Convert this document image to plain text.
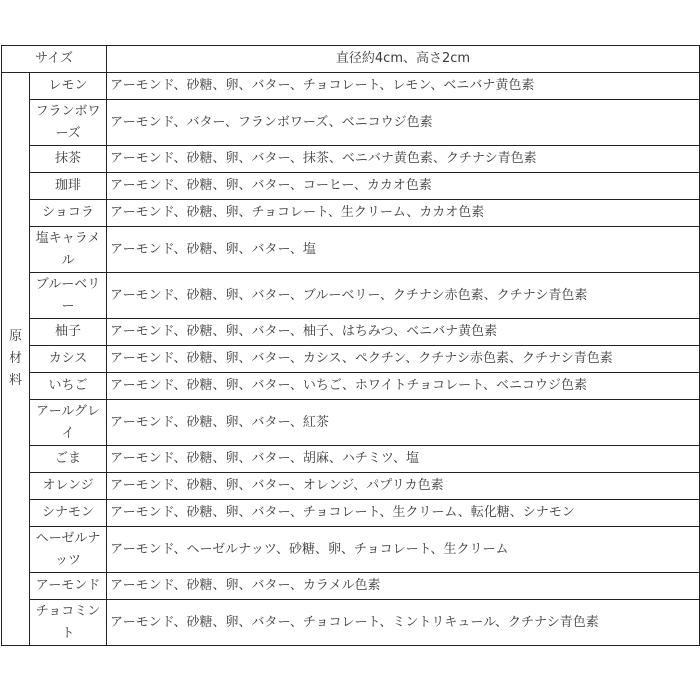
サイズ		直径約4cm、高さ2cm
原材料	レモン	アーモンド、砂糖、卵、バター、チョコレート、レモン、ベニバナ黄色素
	フランボワーズ	アーモンド、バター、フランボワーズ、ベニコウジ色素
	抹茶	アーモンド、砂糖、卵、バター、抹茶、ベニバナ黄色素、クチナシ青色素
	珈琲	アーモンド、砂糖、卵、バター、コーヒー、カカオ色素
	ショコラ	アーモンド、砂糖、卵、チョコレート、生クリーム、カカオ色素
	塩キャラメル	アーモンド、砂糖、卵、バター、塩
	ブルーベリー	アーモンド、砂糖、卵、バター、ブルーベリー、クチナシ赤色素、クチナシ青色素
	柚子	アーモンド、砂糖、卵、バター、柚子、はちみつ、ベニバナ黄色素
	カシス	アーモンド、砂糖、卵、バター、カシス、ペクチン、クチナシ赤色素、クチナシ青色素
	いちご	アーモンド、砂糖、卵、バター、いちご、ホワイトチョコレート、ベニコウジ色素
	アールグレイ	アーモンド、砂糖、卵、バター、紅茶
	ごま	アーモンド、砂糖、卵、バター、胡麻、ハチミツ、塩
	オレンジ	アーモンド、砂糖、卵、バター、オレンジ、パプリカ色素
	シナモン	アーモンド、砂糖、卵、バター、チョコレート、生クリーム、転化糖、シナモン
	ヘーゼルナッツ	アーモンド、ヘーゼルナッツ、砂糖、卵、チョコレート、生クリーム
	アーモンド	アーモンド、砂糖、卵、バター、カラメル色素
	チョコミント	アーモンド、砂糖、卵、バター、チョコレート、ミントリキュール、クチナシ青色素
